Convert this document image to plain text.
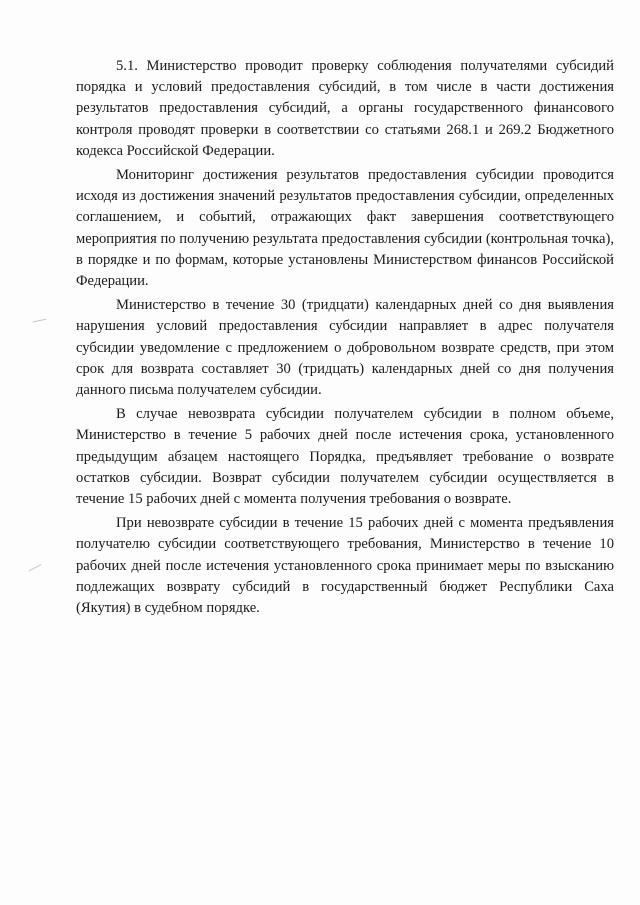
5.1. Министерство проводит проверку соблюдения получателями субсидий порядка и условий предоставления субсидий, в том числе в части достижения результатов предоставления субсидий, а органы государственного финансового контроля проводят проверки в соответствии со статьями 268.1 и 269.2 Бюджетного кодекса Российской Федерации.

Мониторинг достижения результатов предоставления субсидии проводится исходя из достижения значений результатов предоставления субсидии, определенных соглашением, и событий, отражающих факт завершения соответствующего мероприятия по получению результата предоставления субсидии (контрольная точка), в порядке и по формам, которые установлены Министерством финансов Российской Федерации.

Министерство в течение 30 (тридцати) календарных дней со дня выявления нарушения условий предоставления субсидии направляет в адрес получателя субсидии уведомление с предложением о добровольном возврате средств, при этом срок для возврата составляет 30 (тридцать) календарных дней со дня получения данного письма получателем субсидии.

В случае невозврата субсидии получателем субсидии в полном объеме, Министерство в течение 5 рабочих дней после истечения срока, установленного предыдущим абзацем настоящего Порядка, предъявляет требование о возврате остатков субсидии. Возврат субсидии получателем субсидии осуществляется в течение 15 рабочих дней с момента получения требования о возврате.

При невозврате субсидии в течение 15 рабочих дней с момента предъявления получателю субсидии соответствующего требования, Министерство в течение 10 рабочих дней после истечения установленного срока принимает меры по взысканию подлежащих возврату субсидий в государственный бюджет Республики Саха (Якутия) в судебном порядке.
